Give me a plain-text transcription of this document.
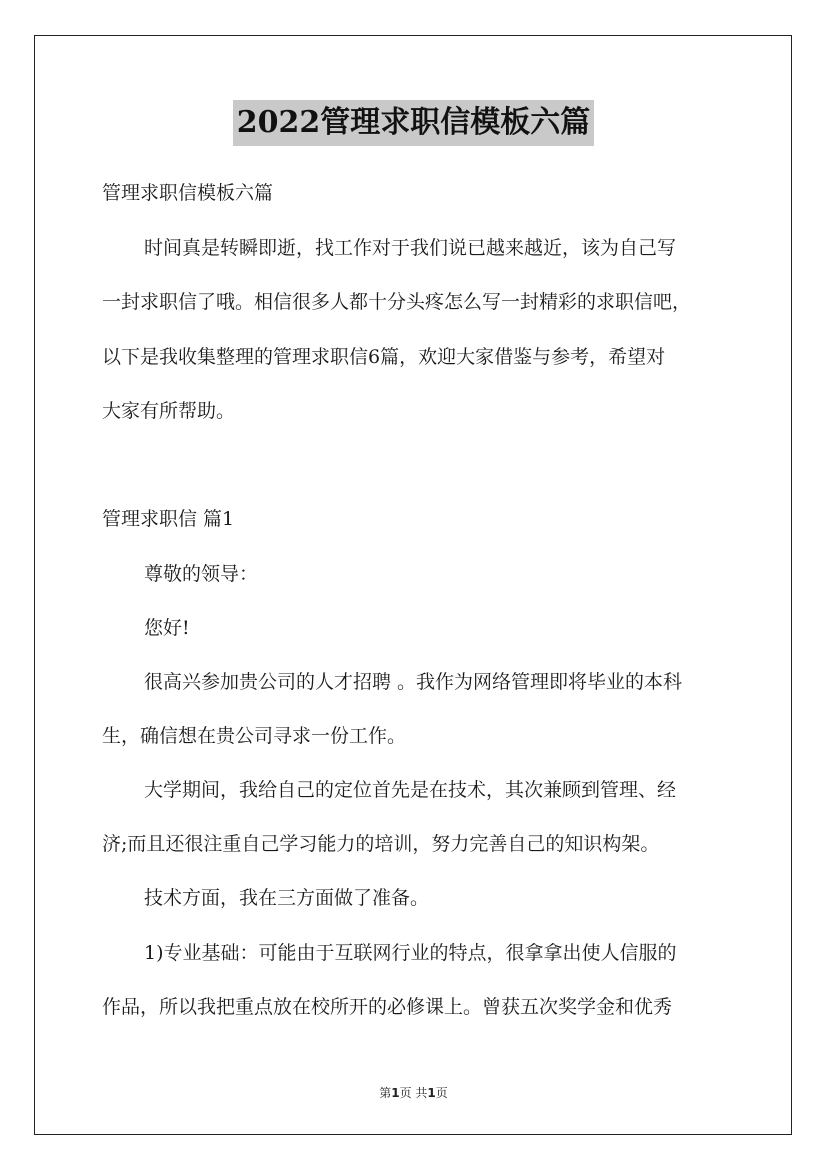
2022管理求职信模板六篇
管理求职信模板六篇
时间真是转瞬即逝，找工作对于我们说已越来越近，该为自己写
一封求职信了哦。相信很多人都十分头疼怎么写一封精彩的求职信吧，
以下是我收集整理的管理求职信6篇，欢迎大家借鉴与参考，希望对
大家有所帮助。
管理求职信 篇1
尊敬的领导：
您好!
很高兴参加贵公司的人才招聘 。我作为网络管理即将毕业的本科
生，确信想在贵公司寻求一份工作。
大学期间，我给自己的定位首先是在技术，其次兼顾到管理、经
济;而且还很注重自己学习能力的培训，努力完善自己的知识构架。
技术方面，我在三方面做了准备。
1)专业基础：可能由于互联网行业的特点，很拿拿出使人信服的
作品，所以我把重点放在校所开的必修课上。曾获五次奖学金和优秀
第1页 共1页
